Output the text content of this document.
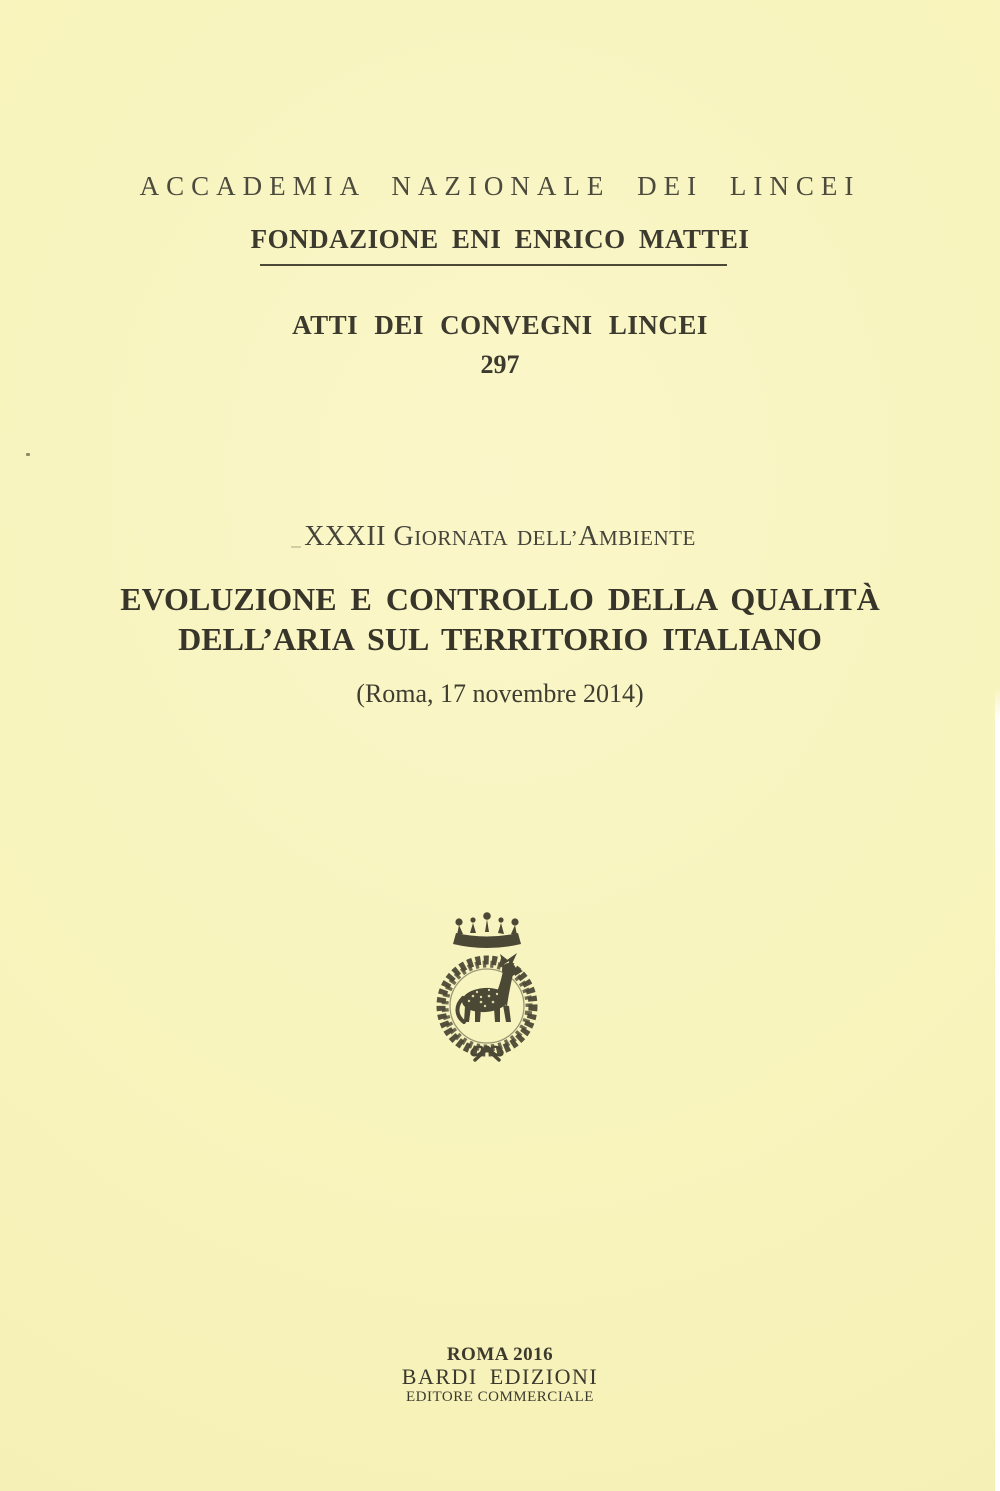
ACCADEMIA NAZIONALE DEI LINCEI
FONDAZIONE ENI ENRICO MATTEI
ATTI DEI CONVEGNI LINCEI
297
XXXII GIORNATA DELL’AMBIENTE
EVOLUZIONE E CONTROLLO DELLA QUALITÀ
DELL’ARIA SUL TERRITORIO ITALIANO
(Roma, 17 novembre 2014)
ROMA 2016
BARDI EDIZIONI
EDITORE COMMERCIALE
